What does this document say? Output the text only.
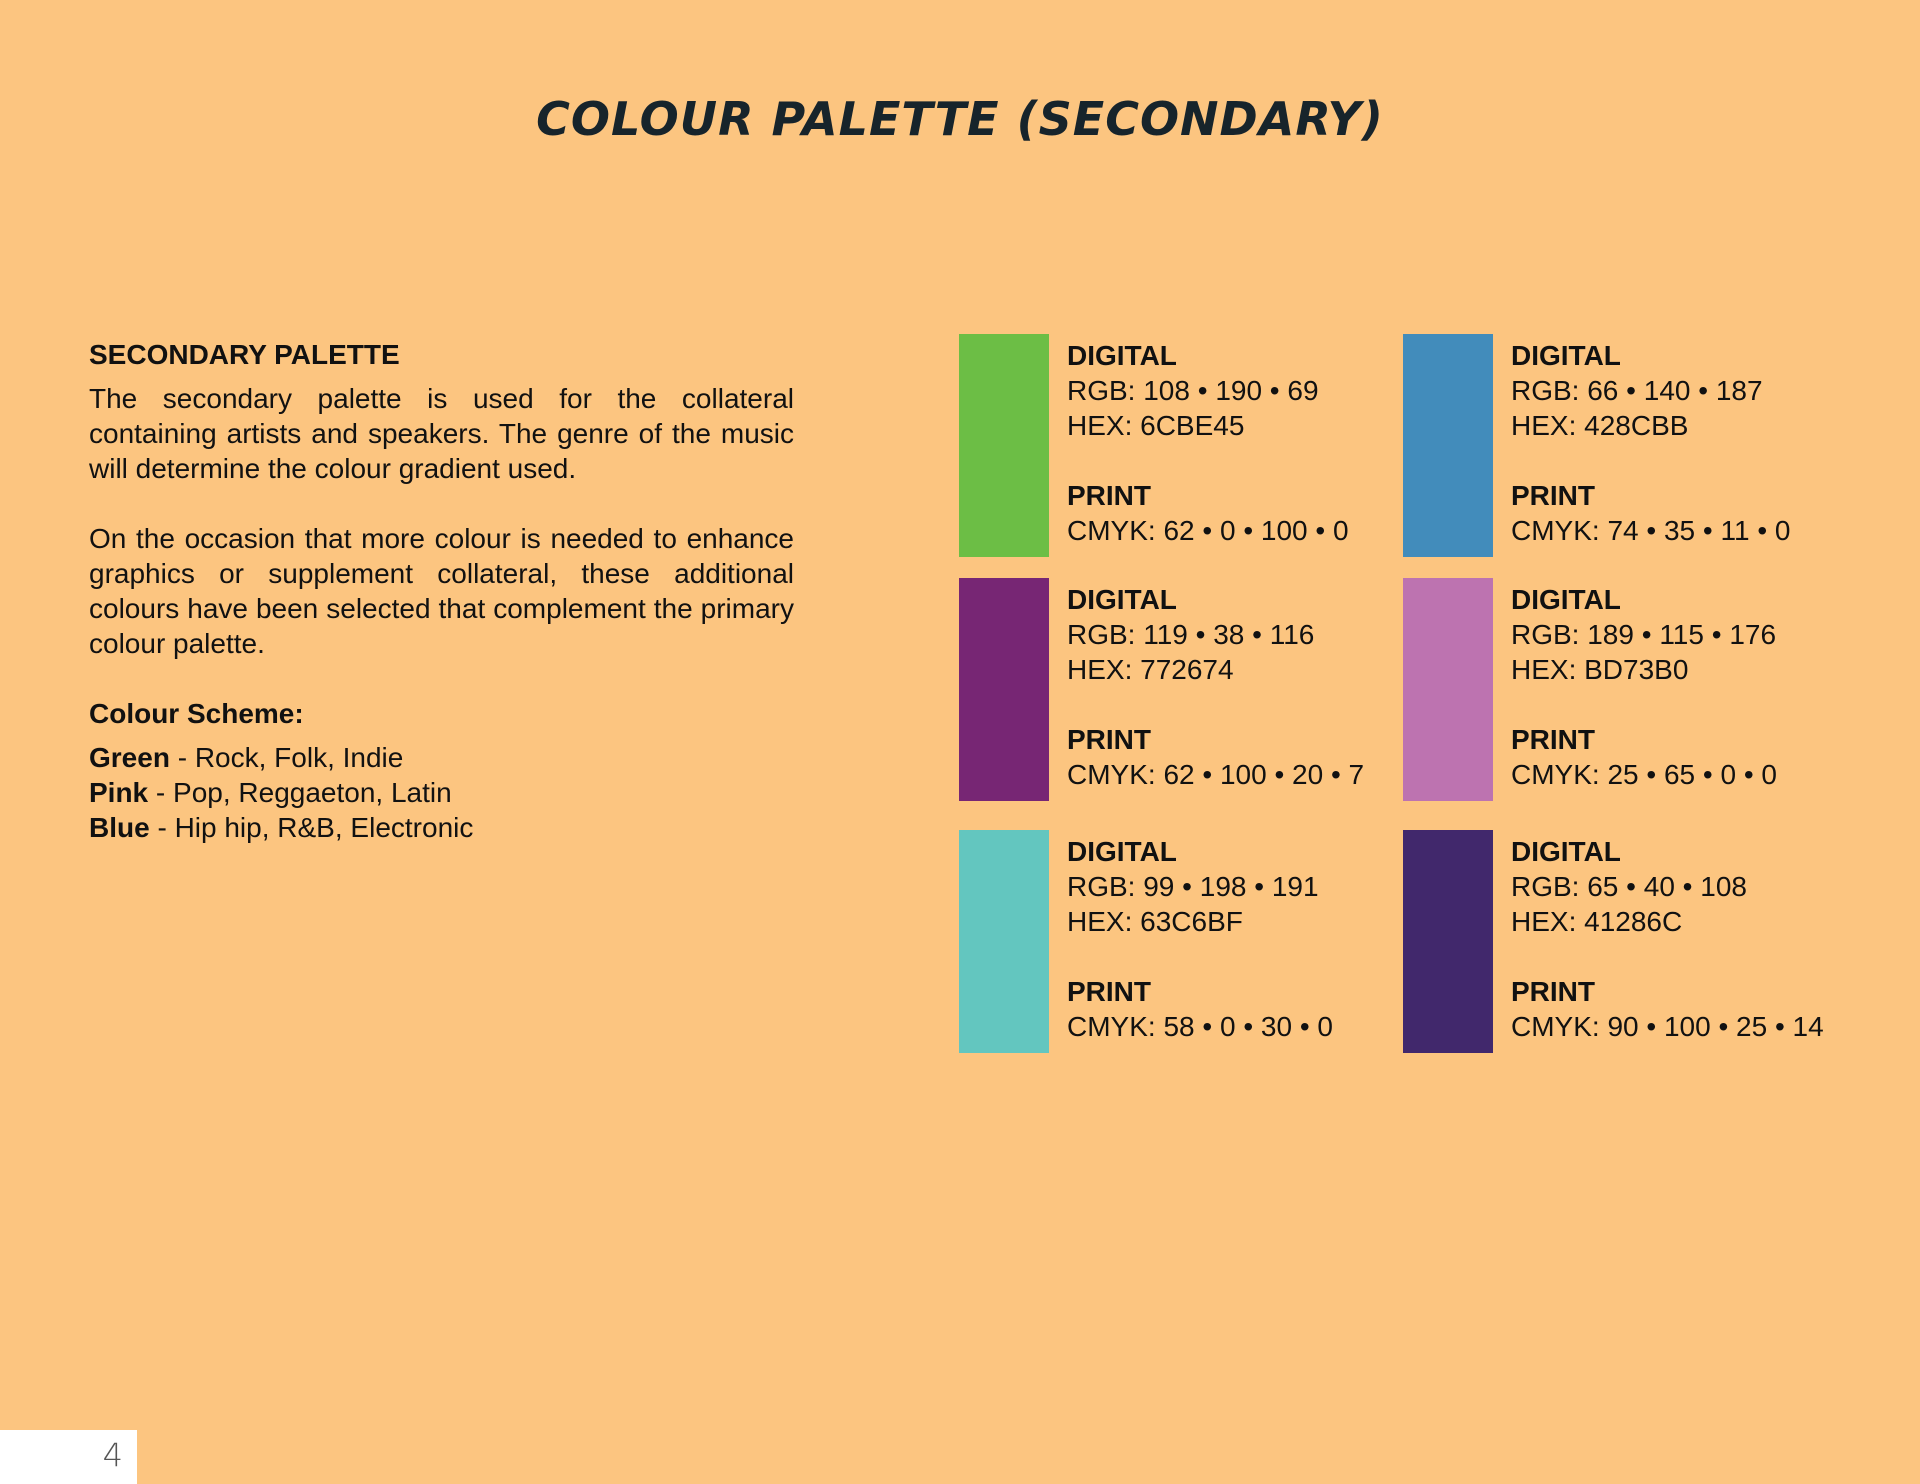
COLOUR PALETTE (SECONDARY)
SECONDARY PALETTE

The secondary palette is used for the collateral containing artists and speakers. The genre of the music will determine the colour gradient used.

On the occasion that more colour is needed to enhance graphics or supplement collateral, these additional colours have been selected that complement the primary colour palette.

Colour Scheme:

Green - Rock, Folk, Indie

Pink - Pop, Reggaeton, Latin

Blue - Hip hip, R&B, Electronic

DIGITAL
RGB: 108 • 190 • 69
HEX: 6CBE45
PRINT
CMYK: 62 • 0 • 100 • 0
DIGITAL
RGB: 66 • 140 • 187
HEX: 428CBB
PRINT
CMYK: 74 • 35 • 11 • 0
DIGITAL
RGB: 119 • 38 • 116
HEX: 772674
PRINT
CMYK: 62 • 100 • 20 • 7
DIGITAL
RGB: 189 • 115 • 176
HEX: BD73B0
PRINT
CMYK: 25 • 65 • 0 • 0
DIGITAL
RGB: 99 • 198 • 191
HEX: 63C6BF
PRINT
CMYK: 58 • 0 • 30 • 0
DIGITAL
RGB: 65 • 40 • 108
HEX: 41286C
PRINT
CMYK: 90 • 100 • 25 • 14
4
